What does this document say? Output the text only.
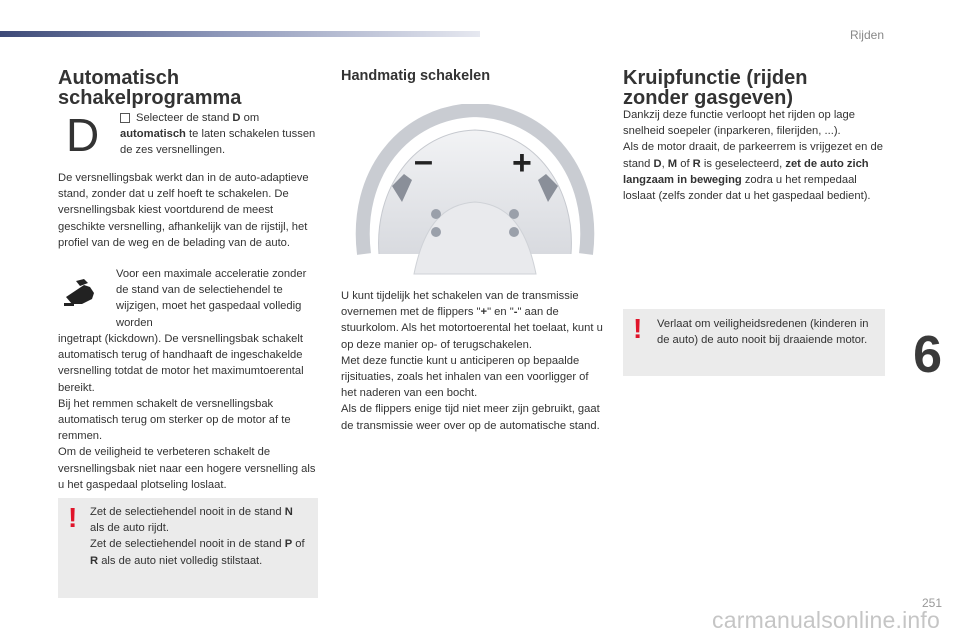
Rijden
6
251
carmanualsonline.info
Automatisch schakelprogramma
D	Selecteer de stand D om automatisch te laten schakelen tussen de zes versnellingen.

De versnellingsbak werkt dan in de auto-adaptieve stand, zonder dat u zelf hoeft te schakelen. De versnellingsbak kiest voortdurend de meest geschikte versnelling, afhankelijk van de rijstijl, het profiel van de weg en de belading van de auto.

Voor een maximale acceleratie zonder de stand van de selectiehendel te wijzigen, moet het gaspedaal volledig worden

ingetrapt (kickdown). De versnellingsbak schakelt automatisch terug of handhaaft de ingeschakelde versnelling totdat de motor het maximumtoerental bereikt.

Bij het remmen schakelt de versnellingsbak automatisch terug om sterker op de motor af te remmen.

Om de veiligheid te verbeteren schakelt de versnellingsbak niet naar een hogere versnelling als u het gaspedaal plotseling loslaat.

! Zet de selectiehendel nooit in de stand N als de auto rijdt.
Zet de selectiehendel nooit in de stand P of R als de auto niet volledig stilstaat.
Handmatig schakelen
– +

U kunt tijdelijk het schakelen van de transmissie overnemen met de flippers "+" en "-" aan de stuurkolom. Als het motortoerental het toelaat, kunt u op deze manier op- of terugschakelen.

Met deze functie kunt u anticiperen op bepaalde rijsituaties, zoals het inhalen van een voorligger of het naderen van een bocht.

Als de flippers enige tijd niet meer zijn gebruikt, gaat de transmissie weer over op de automatische stand.

Kruipfunctie (rijden zonder gasgeven)

Dankzij deze functie verloopt het rijden op lage snelheid soepeler (inparkeren, filerijden, ...).

Als de motor draait, de parkeerrem is vrijgezet en de stand D, M of R is geselecteerd, zet de auto zich langzaam in beweging zodra u het rempedaal loslaat (zelfs zonder dat u het gaspedaal bedient).

! Verlaat om veiligheidsredenen (kinderen in de auto) de auto nooit bij draaiende motor.
